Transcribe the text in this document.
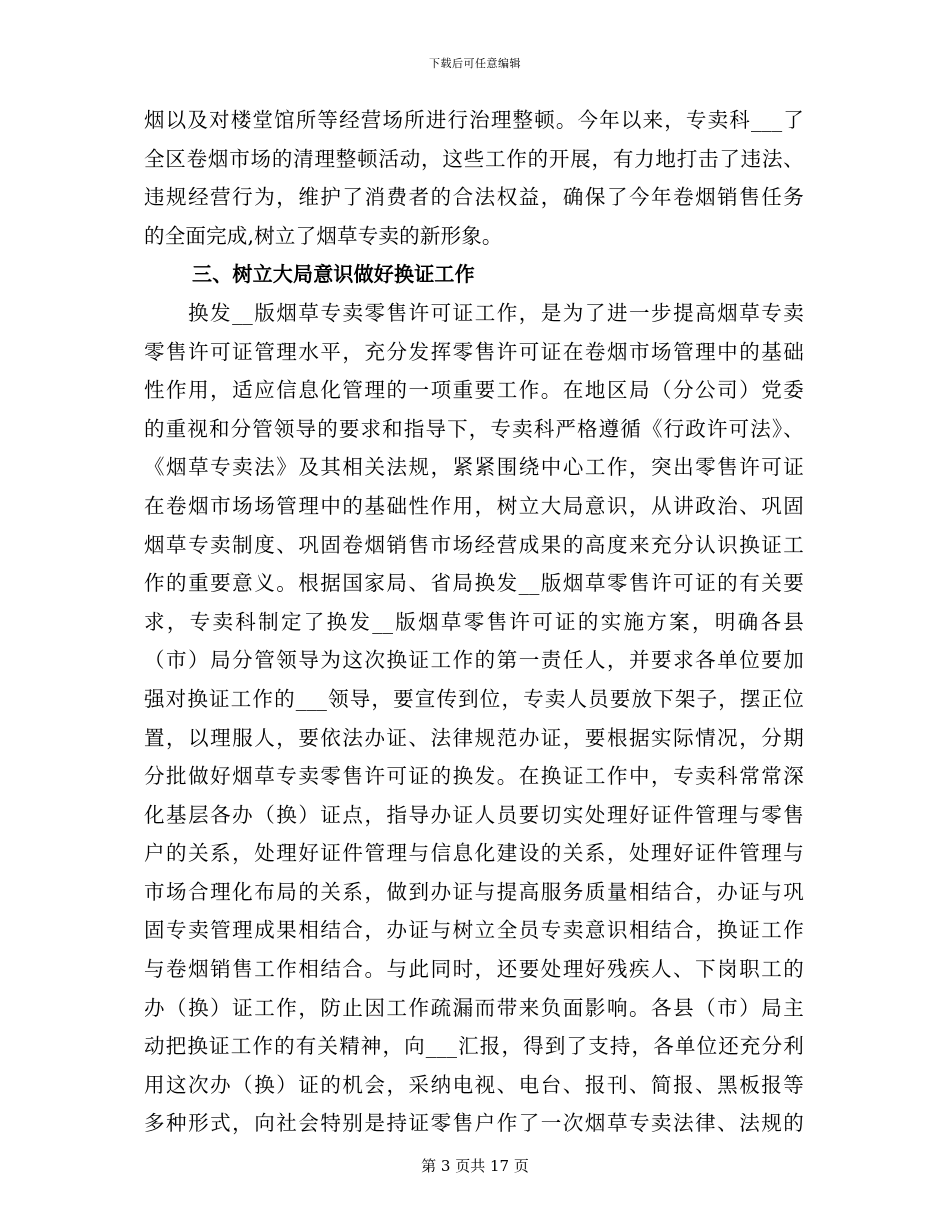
下载后可任意编辑
烟以及对楼堂馆所等经营场所进行治理整顿。今年以来，专卖科___了
全区卷烟市场的清理整顿活动，这些工作的开展，有力地打击了违法、
违规经营行为，维护了消费者的合法权益，确保了今年卷烟销售任务
的全面完成,树立了烟草专卖的新形象。
三、树立大局意识做好换证工作
换发__版烟草专卖零售许可证工作，是为了进一步提高烟草专卖
零售许可证管理水平，充分发挥零售许可证在卷烟市场管理中的基础
性作用，适应信息化管理的一项重要工作。在地区局（分公司）党委
的重视和分管领导的要求和指导下，专卖科严格遵循《行政许可法》、
《烟草专卖法》及其相关法规，紧紧围绕中心工作，突出零售许可证
在卷烟市场场管理中的基础性作用，树立大局意识，从讲政治、巩固
烟草专卖制度、巩固卷烟销售市场经营成果的高度来充分认识换证工
作的重要意义。根据国家局、省局换发__版烟草零售许可证的有关要
求，专卖科制定了换发__版烟草零售许可证的实施方案，明确各县
（市）局分管领导为这次换证工作的第一责任人，并要求各单位要加
强对换证工作的___领导，要宣传到位，专卖人员要放下架子，摆正位
置，以理服人，要依法办证、法律规范办证，要根据实际情况，分期
分批做好烟草专卖零售许可证的换发。在换证工作中，专卖科常常深
化基层各办（换）证点，指导办证人员要切实处理好证件管理与零售
户的关系，处理好证件管理与信息化建设的关系，处理好证件管理与
市场合理化布局的关系，做到办证与提高服务质量相结合，办证与巩
固专卖管理成果相结合，办证与树立全员专卖意识相结合，换证工作
与卷烟销售工作相结合。与此同时，还要处理好残疾人、下岗职工的
办（换）证工作，防止因工作疏漏而带来负面影响。各县（市）局主
动把换证工作的有关精神，向___汇报，得到了支持，各单位还充分利
用这次办（换）证的机会，采纳电视、电台、报刊、简报、黑板报等
多种形式，向社会特别是持证零售户作了一次烟草专卖法律、法规的
第 3 页共 17 页
